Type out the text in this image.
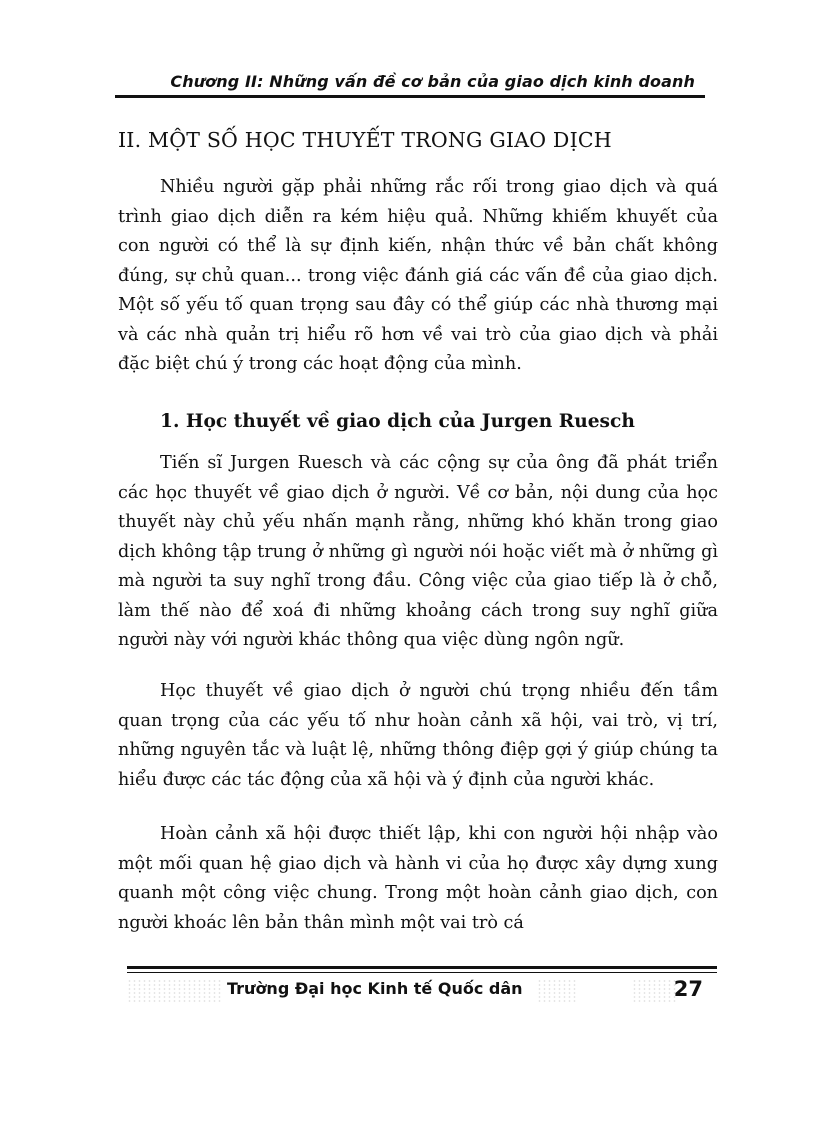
Chương II: Những vấn đề cơ bản của giao dịch kinh doanh
II. MỘT SỐ HỌC THUYẾT TRONG GIAO DỊCH

Nhiều người gặp phải những rắc rối trong giao dịch và quá trình giao dịch diễn ra kém hiệu quả. Những khiếm khuyết của con người có thể là sự định kiến, nhận thức về bản chất không đúng, sự chủ quan... trong việc đánh giá các vấn đề của giao dịch. Một số yếu tố quan trọng sau đây có thể giúp các nhà thương mại và các nhà quản trị hiểu rõ hơn về vai trò của giao dịch và phải đặc biệt chú ý trong các hoạt động của mình.

1. Học thuyết về giao dịch của Jurgen Ruesch

Tiến sĩ Jurgen Ruesch và các cộng sự của ông đã phát triển các học thuyết về giao dịch ở người. Về cơ bản, nội dung của học thuyết này chủ yếu nhấn mạnh rằng, những khó khăn trong giao dịch không tập trung ở những gì người nói hoặc viết mà ở những gì mà người ta suy nghĩ trong đầu. Công việc của giao tiếp là ở chỗ, làm thế nào để xoá đi những khoảng cách trong suy nghĩ giữa người này với người khác thông qua việc dùng ngôn ngữ.

Học thuyết về giao dịch ở người chú trọng nhiều đến tầm quan trọng của các yếu tố như hoàn cảnh xã hội, vai trò, vị trí, những nguyên tắc và luật lệ, những thông điệp gợi ý giúp chúng ta hiểu được các tác động của xã hội và ý định của người khác.

Hoàn cảnh xã hội được thiết lập, khi con người hội nhập vào một mối quan hệ giao dịch và hành vi của họ được xây dựng xung quanh một công việc chung. Trong một hoàn cảnh giao dịch, con người khoác lên bản thân mình một vai trò cá

Trường Đại học Kinh tế Quốc dân	27
